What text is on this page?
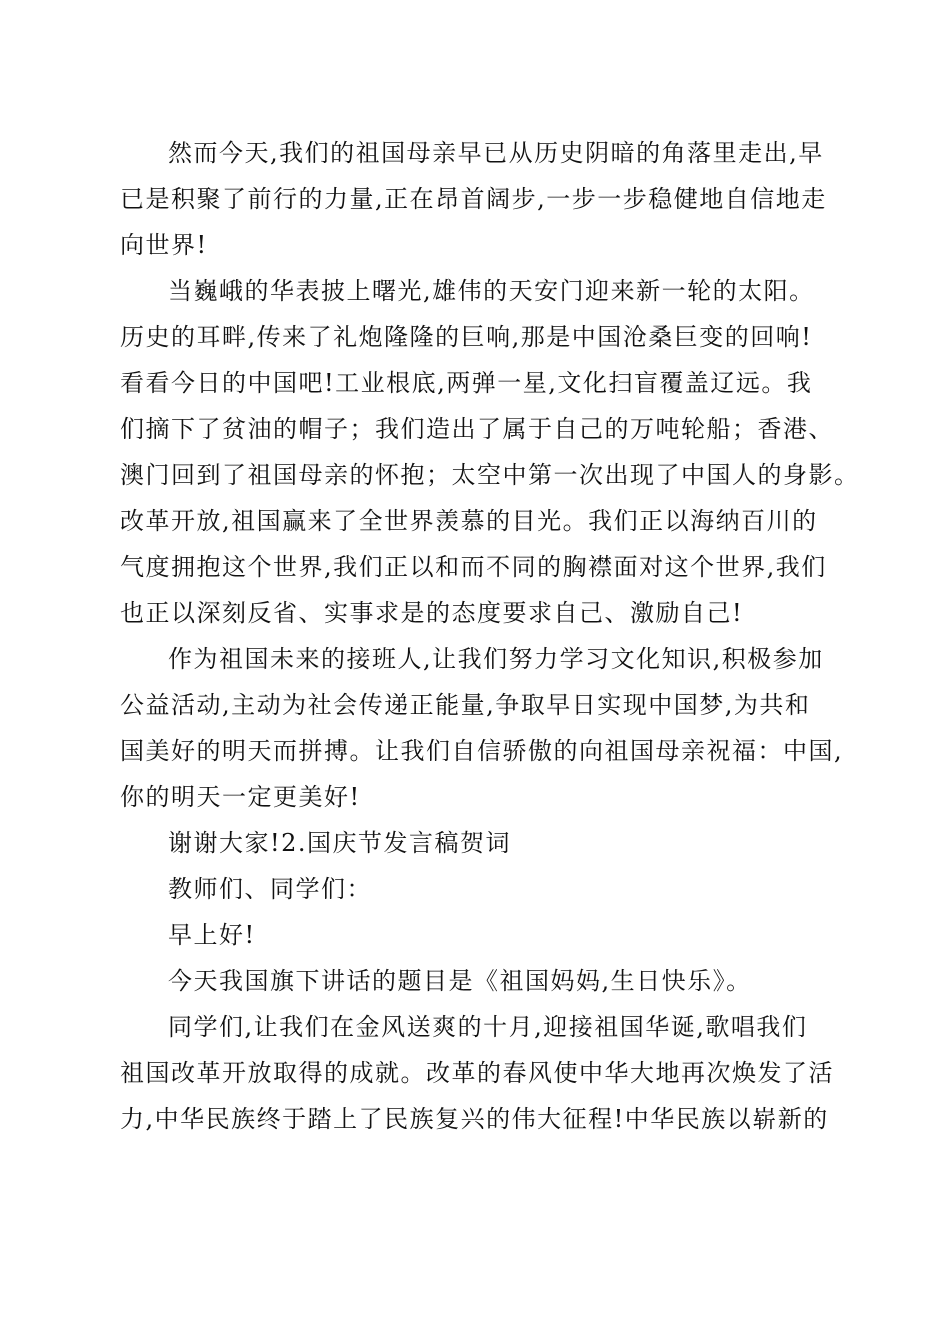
然而今天,我们的祖国母亲早已从历史阴暗的角落里走出,早
已是积聚了前行的力量,正在昂首阔步,一步一步稳健地自信地走
向世界!
当巍峨的华表披上曙光,雄伟的天安门迎来新一轮的太阳。
历史的耳畔,传来了礼炮隆隆的巨响,那是中国沧桑巨变的回响!
看看今日的中国吧!工业根底,两弹一星,文化扫盲覆盖辽远。我
们摘下了贫油的帽子；我们造出了属于自己的万吨轮船；香港、
澳门回到了祖国母亲的怀抱；太空中第一次出现了中国人的身影。
改革开放,祖国赢来了全世界羡慕的目光。我们正以海纳百川的
气度拥抱这个世界,我们正以和而不同的胸襟面对这个世界,我们
也正以深刻反省、实事求是的态度要求自己、激励自己!
作为祖国未来的接班人,让我们努力学习文化知识,积极参加
公益活动,主动为社会传递正能量,争取早日实现中国梦,为共和
国美好的明天而拼搏。让我们自信骄傲的向祖国母亲祝福：中国,
你的明天一定更美好!
谢谢大家!2.国庆节发言稿贺词
教师们、同学们：
早上好!
今天我国旗下讲话的题目是《祖国妈妈,生日快乐》。
同学们,让我们在金风送爽的十月,迎接祖国华诞,歌唱我们
祖国改革开放取得的成就。改革的春风使中华大地再次焕发了活
力,中华民族终于踏上了民族复兴的伟大征程!中华民族以崭新的
